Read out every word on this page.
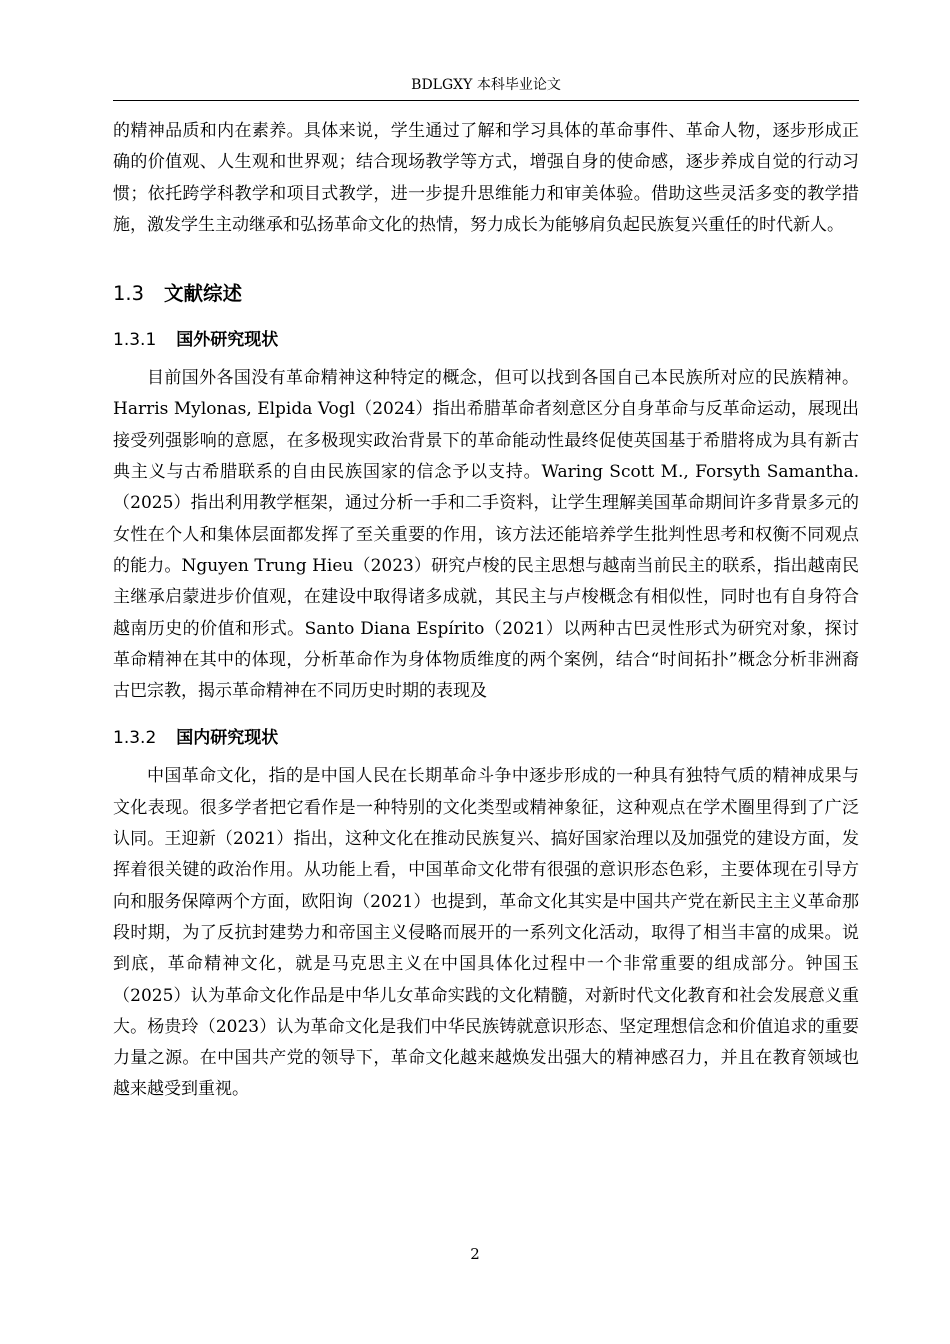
BDLGXY 本科毕业论文

的精神品质和内在素养。具体来说，学生通过了解和学习具体的革命事件、革命人物，逐步形成正确的价值观、人生观和世界观；结合现场教学等方式，增强自身的使命感，逐步养成自觉的行动习惯；依托跨学科教学和项目式教学，进一步提升思维能力和审美体验。借助这些灵活多变的教学措施，激发学生主动继承和弘扬革命文化的热情，努力成长为能够肩负起民族复兴重任的时代新人。

1.3 文献综述
1.3.1 国外研究现状

目前国外各国没有革命精神这种特定的概念，但可以找到各国自己本民族所对应的民族精神。Harris Mylonas, Elpida Vogl（2024）指出希腊革命者刻意区分自身革命与反革命运动，展现出接受列强影响的意愿，在多极现实政治背景下的革命能动性最终促使英国基于希腊将成为具有新古典主义与古希腊联系的自由民族国家的信念予以支持。Waring Scott M., Forsyth Samantha. （2025）指出利用教学框架，通过分析一手和二手资料，让学生理解美国革命期间许多背景多元的女性在个人和集体层面都发挥了至关重要的作用，该方法还能培养学生批判性思考和权衡不同观点的能力。Nguyen Trung Hieu（2023）研究卢梭的民主思想与越南当前民主的联系，指出越南民主继承启蒙进步价值观，在建设中取得诸多成就，其民主与卢梭概念有相似性，同时也有自身符合越南历史的价值和形式。Santo Diana Espírito（2021）以两种古巴灵性形式为研究对象，探讨革命精神在其中的体现，分析革命作为身体物质维度的两个案例，结合“时间拓扑”概念分析非洲裔古巴宗教，揭示革命精神在不同历史时期的表现及

1.3.2 国内研究现状

中国革命文化，指的是中国人民在长期革命斗争中逐步形成的一种具有独特气质的精神成果与文化表现。很多学者把它看作是一种特别的文化类型或精神象征，这种观点在学术圈里得到了广泛认同。王迎新（2021）指出，这种文化在推动民族复兴、搞好国家治理以及加强党的建设方面，发挥着很关键的政治作用。从功能上看，中国革命文化带有很强的意识形态色彩，主要体现在引导方向和服务保障两个方面，欧阳询（2021）也提到，革命文化其实是中国共产党在新民主主义革命那段时期，为了反抗封建势力和帝国主义侵略而展开的一系列文化活动，取得了相当丰富的成果。说到底，革命精神文化，就是马克思主义在中国具体化过程中一个非常重要的组成部分。钟国玉（2025）认为革命文化作品是中华儿女革命实践的文化精髓，对新时代文化教育和社会发展意义重大。杨贵玲（2023）认为革命文化是我们中华民族铸就意识形态、坚定理想信念和价值追求的重要力量之源。在中国共产党的领导下，革命文化越来越焕发出强大的精神感召力，并且在教育领域也越来越受到重视。

2
